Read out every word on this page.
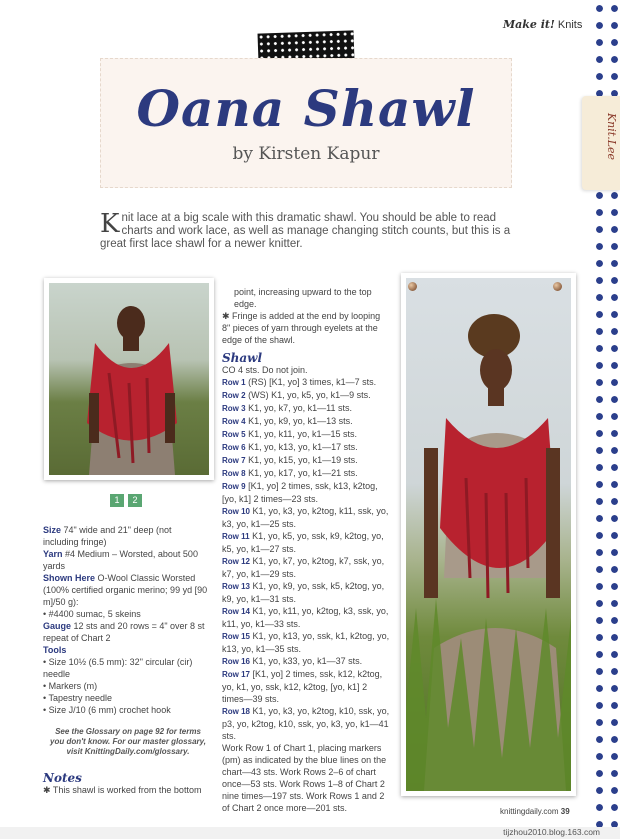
Make it! Knits
Oana Shawl
by Kirsten Kapur	Knit.Lee
Knit lace at a big scale with this dramatic shawl. You should be able to read charts and work lace, as well as manage changing stitch counts, but this is a great first lace shawl for a newer knitter.
1	2

Size 74" wide and 21" deep (not including fringe)

Yarn #4 Medium – Worsted, about 500 yards

Shown Here O-Wool Classic Worsted (100% certified organic merino; 99 yd [90 m]/50 g):

• #4400 sumac, 5 skeins

Gauge 12 sts and 20 rows = 4" over 8 st repeat of Chart 2

Tools

• Size 10½ (6.5 mm): 32" circular (cir) needle

• Markers (m)

• Tapestry needle

• Size J/10 (6 mm) crochet hook

See the Glossary on page 92 for terms you don't know. For our master glossary, visit KnittingDaily.com/glossary.
Notes
✱ This shawl is worked from the bottom

point, increasing upward to the top edge.

✱ Fringe is added at the end by looping 8" pieces of yarn through eyelets at the edge of the shawl.

Shawl

CO 4 sts. Do not join.

Row 1 (RS) [K1, yo] 3 times, k1—7 sts.

Row 2 (WS) K1, yo, k5, yo, k1—9 sts.

Row 3 K1, yo, k7, yo, k1—11 sts.

Row 4 K1, yo, k9, yo, k1—13 sts.

Row 5 K1, yo, k11, yo, k1—15 sts.

Row 6 K1, yo, k13, yo, k1—17 sts.

Row 7 K1, yo, k15, yo, k1—19 sts.

Row 8 K1, yo, k17, yo, k1—21 sts.

Row 9 [K1, yo] 2 times, ssk, k13, k2tog, [yo, k1] 2 times—23 sts.

Row 10 K1, yo, k3, yo, k2tog, k11, ssk, yo, k3, yo, k1—25 sts.

Row 11 K1, yo, k5, yo, ssk, k9, k2tog, yo, k5, yo, k1—27 sts.

Row 12 K1, yo, k7, yo, k2tog, k7, ssk, yo, k7, yo, k1—29 sts.

Row 13 K1, yo, k9, yo, ssk, k5, k2tog, yo, k9, yo, k1—31 sts.

Row 14 K1, yo, k11, yo, k2tog, k3, ssk, yo, k11, yo, k1—33 sts.

Row 15 K1, yo, k13, yo, ssk, k1, k2tog, yo, k13, yo, k1—35 sts.

Row 16 K1, yo, k33, yo, k1—37 sts.

Row 17 [K1, yo] 2 times, ssk, k12, k2tog, yo, k1, yo, ssk, k12, k2tog, [yo, k1] 2 times—39 sts.

Row 18 K1, yo, k3, yo, k2tog, k10, ssk, yo, p3, yo, k2tog, k10, ssk, yo, k3, yo, k1—41 sts.

Work Row 1 of Chart 1, placing markers (pm) as indicated by the blue lines on the chart—43 sts. Work Rows 2–6 of chart once—53 sts. Work Rows 1–8 of Chart 2 nine times—197 sts. Work Rows 1 and 2 of Chart 2 once more—201 sts.	knittingdaily.com 39
tijzhou2010.blog.163.com
